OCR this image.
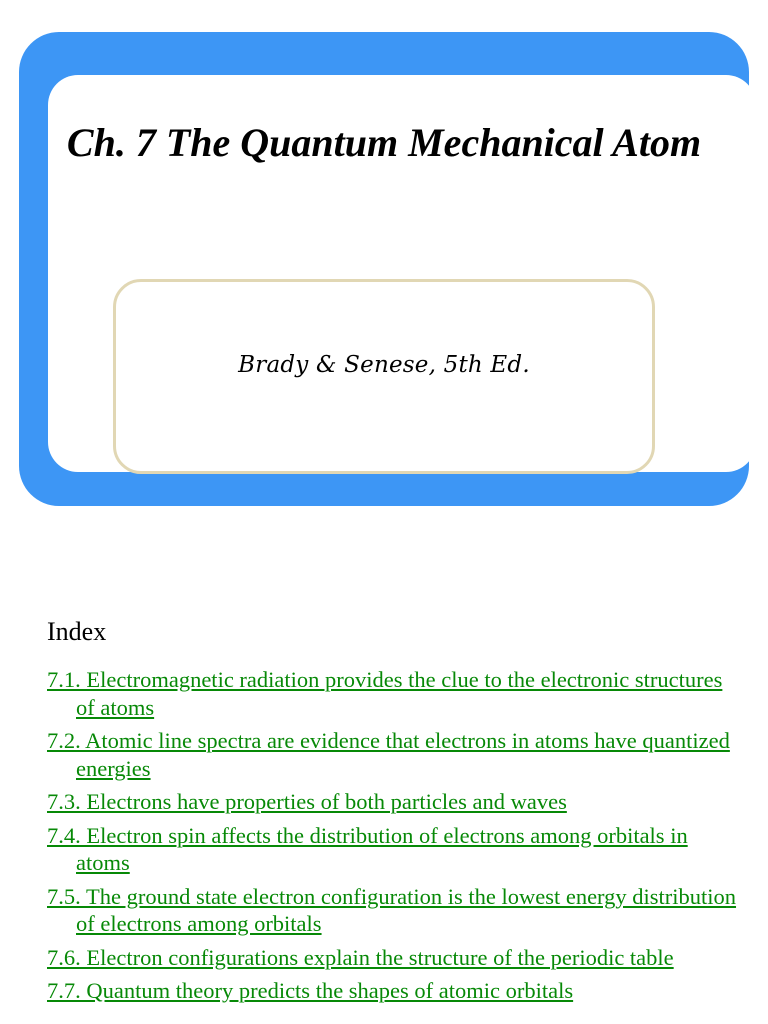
Ch. 7 The Quantum Mechanical Atom
Brady & Senese, 5th Ed.
Index
7.1. Electromagnetic radiation provides the clue to the electronic structures of atoms
7.2. Atomic line spectra are evidence that electrons in atoms have quantized energies
7.3. Electrons have properties of both particles and waves
7.4. Electron spin affects the distribution of electrons among orbitals in atoms
7.5. The ground state electron configuration is the lowest energy distribution of electrons among orbitals
7.6. Electron configurations explain the structure of the periodic table
7.7. Quantum theory predicts the shapes of atomic orbitals
